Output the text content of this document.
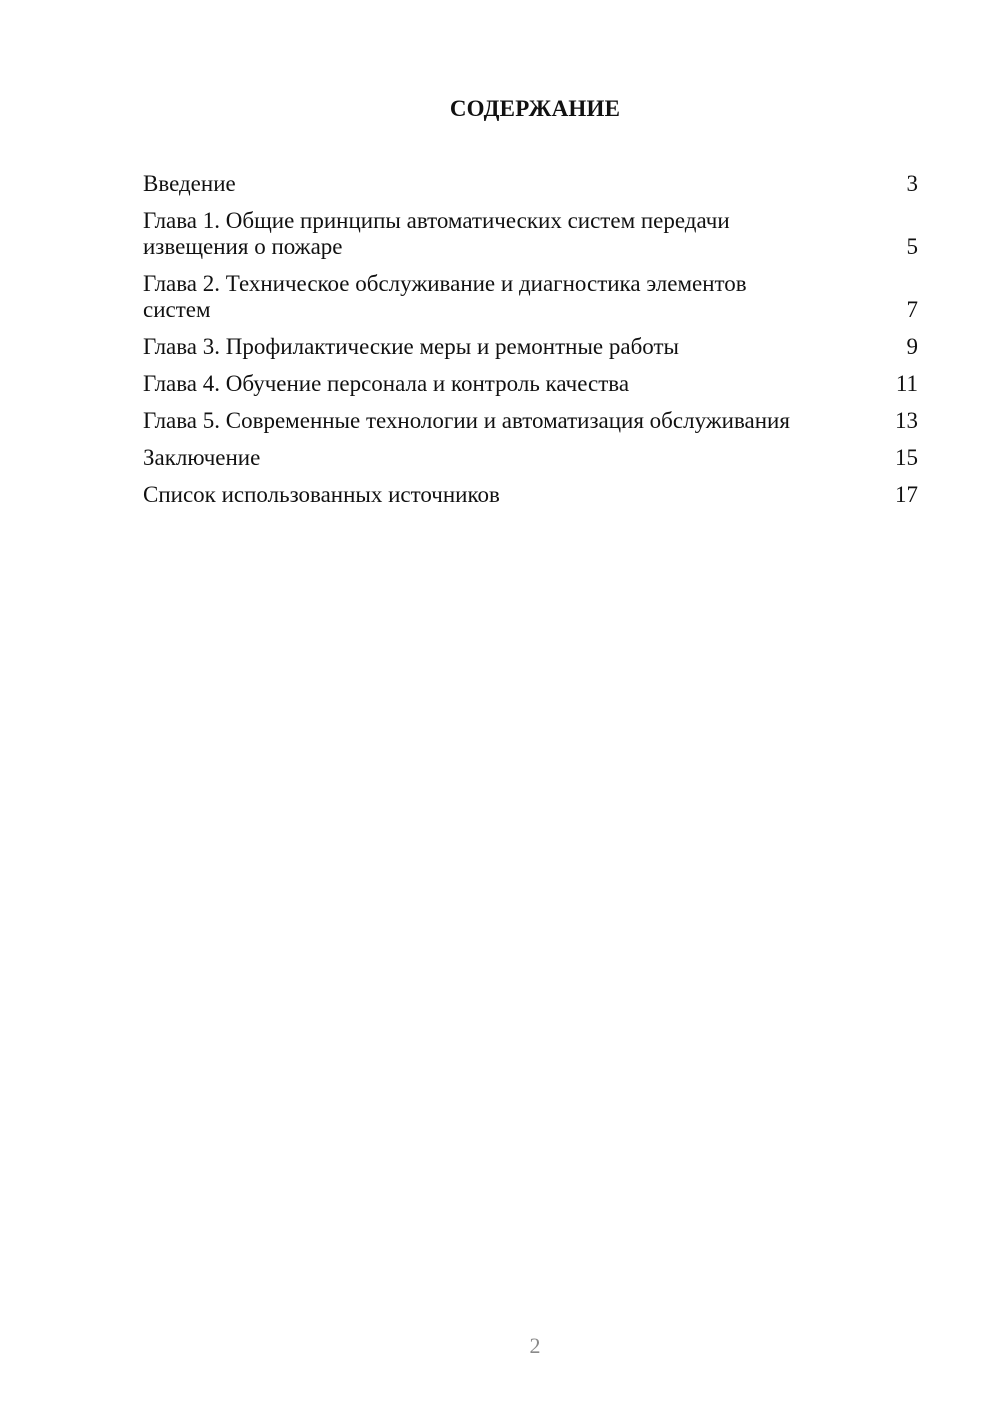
СОДЕРЖАНИЕ
Введение	3
Глава 1. Общие принципы автоматических систем передачи извещения о пожаре	5
Глава 2. Техническое обслуживание и диагностика элементов систем	7
Глава 3. Профилактические меры и ремонтные работы	9
Глава 4. Обучение персонала и контроль качества	11
Глава 5. Современные технологии и автоматизация обслуживания	13
Заключение	15
Список использованных источников	17
2
